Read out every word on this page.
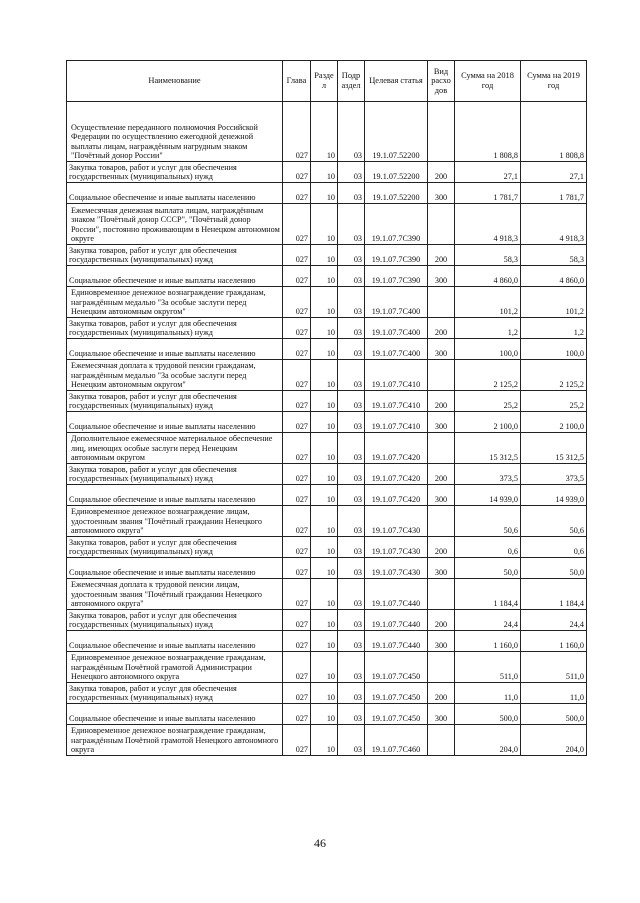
Наименование	Глава	Разде л	Подр аздел	Целевая статья	Вид расхо дов	Сумма на 2018 год	Сумма на 2019 год
Осуществление переданного полномочия Российской Федерации по осуществлению ежегодной денежной выплаты лицам, награждённым нагрудным знаком "Почётный донор России"	027	10	03	19.1.07.52200		1 808,8	1 808,8
Закупка товаров, работ и услуг для обеспечения государственных (муниципальных) нужд	027	10	03	19.1.07.52200	200	27,1	27,1
Социальное обеспечение и иные выплаты населению	027	10	03	19.1.07.52200	300	1 781,7	1 781,7
Ежемесячная денежная выплата лицам, награждённым знаком "Почётный донор СССР", "Почётный донор России", постоянно проживающим в Ненецком автономном округе	027	10	03	19.1.07.7С390		4 918,3	4 918,3
Закупка товаров, работ и услуг для обеспечения государственных (муниципальных) нужд	027	10	03	19.1.07.7С390	200	58,3	58,3
Социальное обеспечение и иные выплаты населению	027	10	03	19.1.07.7С390	300	4 860,0	4 860,0
Единовременное денежное вознаграждение гражданам, награждённым медалью "За особые заслуги перед Ненецким автономным округом"	027	10	03	19.1.07.7С400		101,2	101,2
Закупка товаров, работ и услуг для обеспечения государственных (муниципальных) нужд	027	10	03	19.1.07.7С400	200	1,2	1,2
Социальное обеспечение и иные выплаты населению	027	10	03	19.1.07.7С400	300	100,0	100,0
Ежемесячная доплата к трудовой пенсии гражданам, награждённым медалью "За особые заслуги перед Ненецким автономным округом"	027	10	03	19.1.07.7С410		2 125,2	2 125,2
Закупка товаров, работ и услуг для обеспечения государственных (муниципальных) нужд	027	10	03	19.1.07.7С410	200	25,2	25,2
Социальное обеспечение и иные выплаты населению	027	10	03	19.1.07.7С410	300	2 100,0	2 100,0
Дополнительное ежемесячное материальное обеспечение лиц, имеющих особые заслуги перед Ненецким автономным округом	027	10	03	19.1.07.7С420		15 312,5	15 312,5
Закупка товаров, работ и услуг для обеспечения государственных (муниципальных) нужд	027	10	03	19.1.07.7С420	200	373,5	373,5
Социальное обеспечение и иные выплаты населению	027	10	03	19.1.07.7С420	300	14 939,0	14 939,0
Единовременное денежное вознаграждение лицам, удостоенным звания "Почётный гражданин Ненецкого автономного округа"	027	10	03	19.1.07.7С430		50,6	50,6
Закупка товаров, работ и услуг для обеспечения государственных (муниципальных) нужд	027	10	03	19.1.07.7С430	200	0,6	0,6
Социальное обеспечение и иные выплаты населению	027	10	03	19.1.07.7С430	300	50,0	50,0
Ежемесячная доплата к трудовой пенсии лицам, удостоенным звания "Почётный гражданин Ненецкого автономного округа"	027	10	03	19.1.07.7С440		1 184,4	1 184,4
Закупка товаров, работ и услуг для обеспечения государственных (муниципальных) нужд	027	10	03	19.1.07.7С440	200	24,4	24,4
Социальное обеспечение и иные выплаты населению	027	10	03	19.1.07.7С440	300	1 160,0	1 160,0
Единовременное денежное вознаграждение гражданам, награждённым Почётной грамотой Администрации Ненецкого автономного округа	027	10	03	19.1.07.7С450		511,0	511,0
Закупка товаров, работ и услуг для обеспечения государственных (муниципальных) нужд	027	10	03	19.1.07.7С450	200	11,0	11,0
Социальное обеспечение и иные выплаты населению	027	10	03	19.1.07.7С450	300	500,0	500,0
Единовременное денежное вознаграждение гражданам, награждённым Почётной грамотой Ненецкого автономного округа	027	10	03	19.1.07.7С460		204,0	204,0
46
